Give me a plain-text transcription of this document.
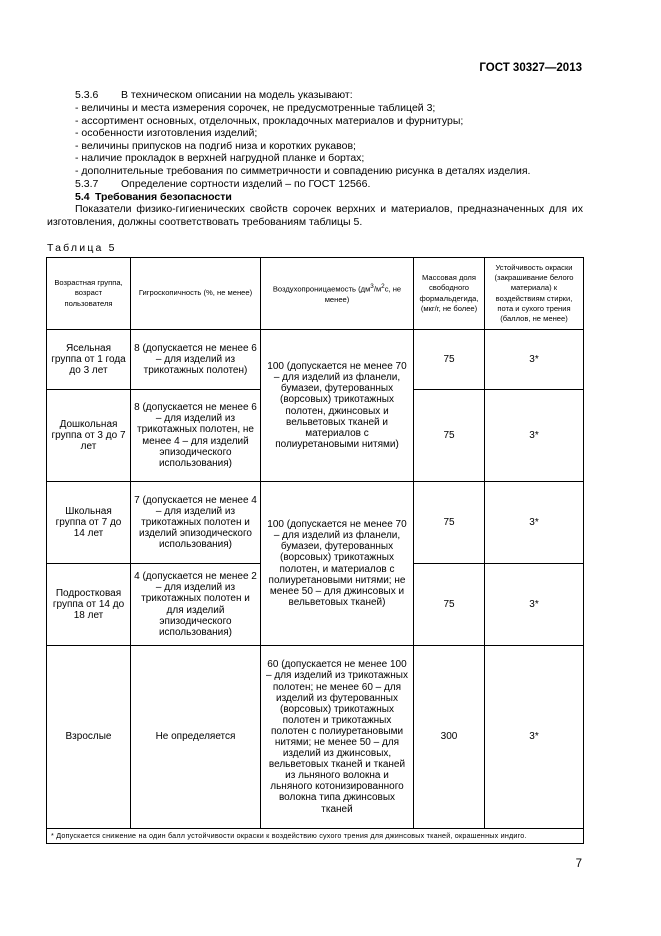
ГОСТ 30327—2013
5.3.6 В техническом описании на модель указывают:
- величины и места измерения сорочек, не предусмотренные таблицей 3;
- ассортимент основных, отделочных, прокладочных материалов и фурнитуры;
- особенности изготовления изделий;
- величины припусков на подгиб низа и коротких рукавов;
- наличие прокладок в верхней нагрудной планке и бортах;
- дополнительные требования по симметричности и совпадению рисунка в деталях изделия.
5.3.7 Определение сортности изделий – по ГОСТ 12566.
5.4 Требования безопасности
Показатели физико-гигиенических свойств сорочек верхних и материалов, предназначенных для их изготовления, должны соответствовать требованиям таблицы 5.
Таблица 5
Возрастная группа, возраст пользователя	Гигроскопичность (%, не менее)	Воздухопроницаемость ($дм^3/м^2с$, не менее)	Массовая доля свободного формальдегида, (мкг/г, не более)	Устойчивость окраски (закрашивание белого материала) к воздействиям стирки, пота и сухого трения (баллов, не менее)
Ясельная группа от 1 года до 3 лет	8 (допускается не менее 6 – для изделий из трикотажных полотен)	100 (допускается не менее 70 – для изделий из фланели, бумазеи, футерованных (ворсовых) трикотажных полотен, джинсовых и вельветовых тканей и материалов с полиуретановыми нитями)	75	3*
Дошкольная группа от 3 до 7 лет	8 (допускается не менее 6 – для изделий из трикотажных полотен, не менее 4 – для изделий эпизодического использования)		75	3*
Школьная группа от 7 до 14 лет	7 (допускается не менее 4 – для изделий из трикотажных полотен и изделий эпизодического использования)	100 (допускается не менее 70 – для изделий из фланели, бумазеи, футерованных (ворсовых) трикотажных полотен, и материалов с полиуретановыми нитями; не менее 50 – для джинсовых и вельветовых тканей)	75	3*
Подростковая группа от 14 до 18 лет	4 (допускается не менее 2 – для изделий из трикотажных полотен и для изделий эпизодического использования)		75	3*
Взрослые	Не определяется	60 (допускается не менее 100 – для изделий из трикотажных полотен; не менее 60 – для изделий из футерованных (ворсовых) трикотажных полотен и трикотажных полотен с полиуретановыми нитями; не менее 50 – для изделий из джинсовых, вельветовых тканей и тканей из льняного волокна и льняного котонизированного волокна типа джинсовых тканей	300	3*
* Допускается снижение на один балл устойчивости окраски к воздействию сухого трения для джинсовых тканей, окрашенных индиго.				
7
